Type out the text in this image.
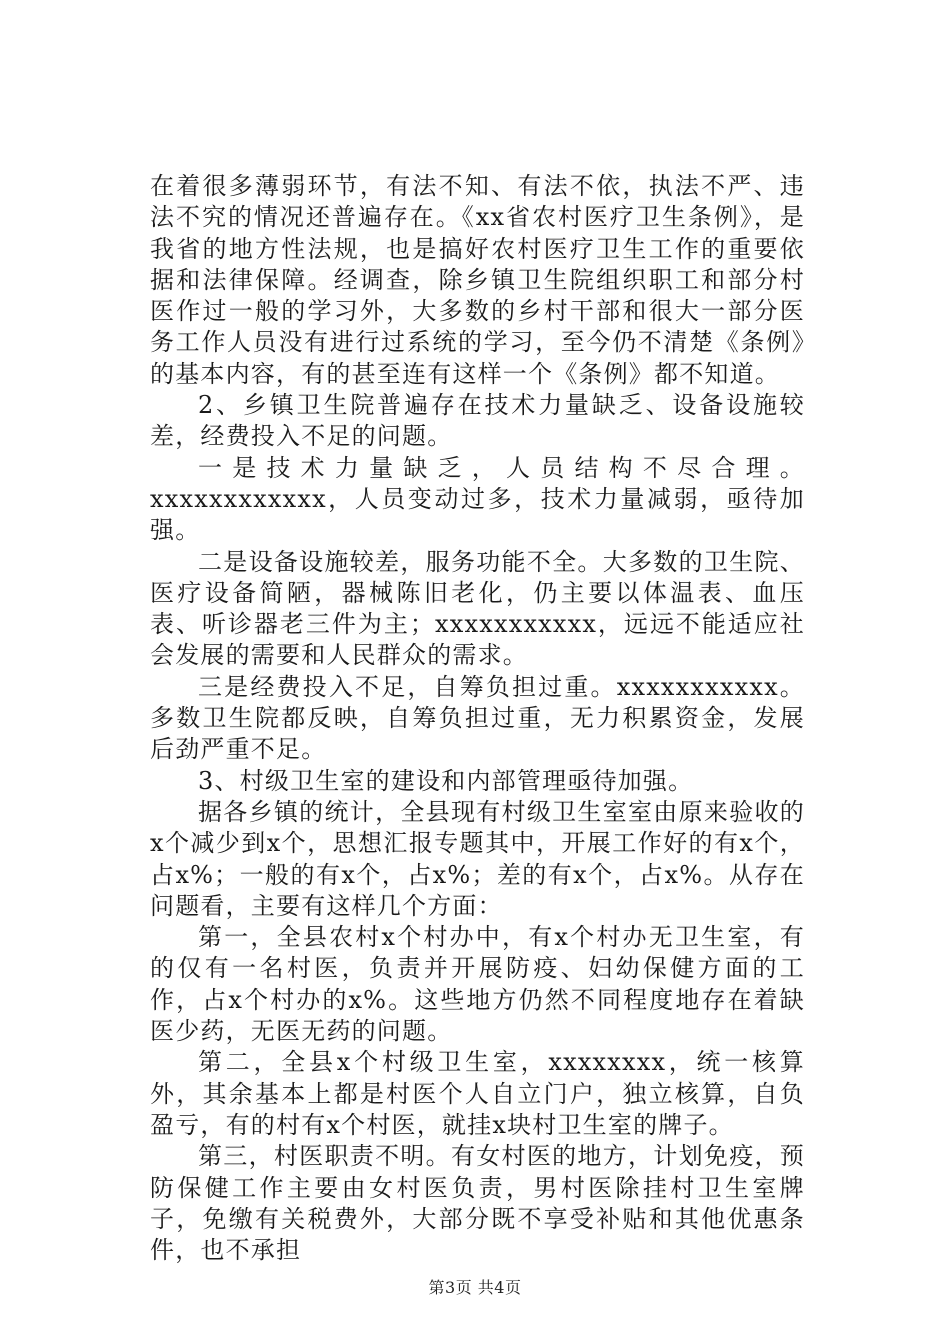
在着很多薄弱环节，有法不知、有法不依，执法不严、违法不究的情况还普遍存在。《xx省农村医疗卫生条例》，是我省的地方性法规，也是搞好农村医疗卫生工作的重要依据和法律保障。经调查，除乡镇卫生院组织职工和部分村医作过一般的学习外，大多数的乡村干部和很大一部分医务工作人员没有进行过系统的学习，至今仍不清楚《条例》的基本内容，有的甚至连有这样一个《条例》都不知道。

2、乡镇卫生院普遍存在技术力量缺乏、设备设施较差，经费投入不足的问题。

一是技术力量缺乏，人员结构不尽合理。xxxxxxxxxxxx，人员变动过多，技术力量减弱，亟待加强。

二是设备设施较差，服务功能不全。大多数的卫生院、医疗设备简陋，器械陈旧老化，仍主要以体温表、血压表、听诊器老三件为主；xxxxxxxxxxx，远远不能适应社会发展的需要和人民群众的需求。

三是经费投入不足，自筹负担过重。xxxxxxxxxxx。多数卫生院都反映，自筹负担过重，无力积累资金，发展后劲严重不足。

3、村级卫生室的建设和内部管理亟待加强。

据各乡镇的统计，全县现有村级卫生室室由原来验收的x个减少到x个，思想汇报专题其中，开展工作好的有x个，占x%；一般的有x个，占x%；差的有x个，占x%。从存在问题看，主要有这样几个方面：

第一，全县农村x个村办中，有x个村办无卫生室，有的仅有一名村医，负责并开展防疫、妇幼保健方面的工作，占x个村办的x%。这些地方仍然不同程度地存在着缺医少药，无医无药的问题。

第二，全县x个村级卫生室，xxxxxxxx，统一核算外，其余基本上都是村医个人自立门户，独立核算，自负盈亏，有的村有x个村医，就挂x块村卫生室的牌子。

第三，村医职责不明。有女村医的地方，计划免疫，预防保健工作主要由女村医负责，男村医除挂村卫生室牌子，免缴有关税费外，大部分既不享受补贴和其他优惠条件，也不承担

第3页 共4页
